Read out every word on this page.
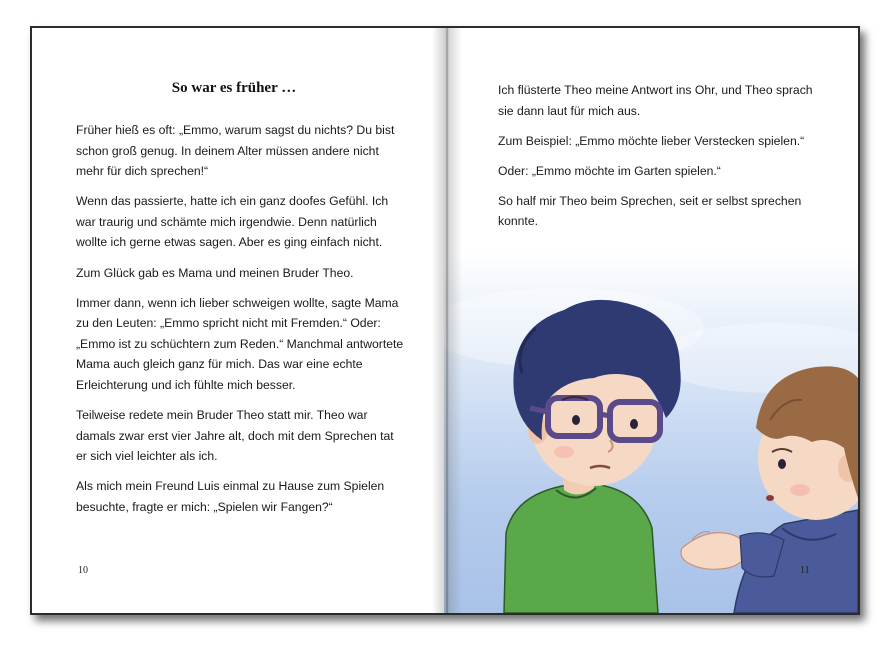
So war es früher …

Früher hieß es oft: „Emmo, warum sagst du nichts? Du bist schon groß genug. In deinem Alter müssen andere nicht mehr für dich sprechen!“

Wenn das passierte, hatte ich ein ganz doofes Gefühl. Ich war traurig und schämte mich irgendwie. Denn natürlich wollte ich gerne etwas sagen. Aber es ging einfach nicht.

Zum Glück gab es Mama und meinen Bruder Theo.

Immer dann, wenn ich lieber schweigen wollte, sagte Mama zu den Leuten: „Emmo spricht nicht mit Fremden.“ Oder: „Emmo ist zu schüchtern zum Reden.“ Manchmal antwortete Mama auch gleich ganz für mich. Das war eine echte Erleichterung und ich fühlte mich besser.

Teilweise redete mein Bruder Theo statt mir. Theo war damals zwar erst vier Jahre alt, doch mit dem Sprechen tat er sich viel leichter als ich.

Als mich mein Freund Luis einmal zu Hause zum Spielen besuchte, fragte er mich: „Spielen wir Fangen?“

10

Ich flüsterte Theo meine Antwort ins Ohr, und Theo sprach sie dann laut für mich aus.

Zum Beispiel: „Emmo möchte lieber Verstecken spielen.“

Oder: „Emmo möchte im Garten spielen.“

So half mir Theo beim Sprechen, seit er selbst sprechen konnte.

11
